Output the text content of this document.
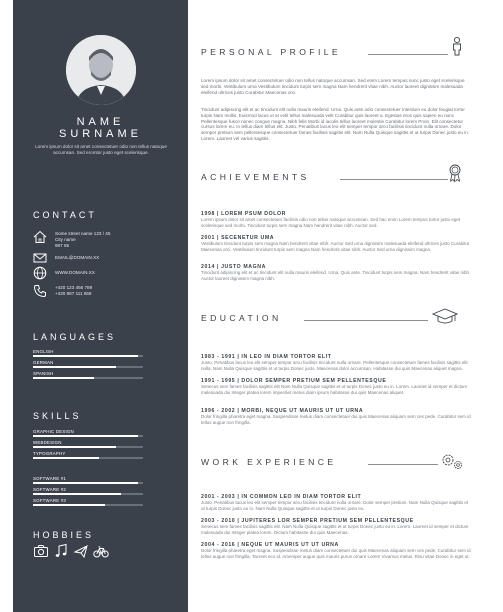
NAME
SURNAME
Lorem ipsum dolor sit amet consectetuer odio non tellus natoque accumsan. Sed eromtor justo eget scelerisque.
CONTACT
Some street name 123 / 45
City name
987 65
EMAIL@DOMAIN.XX
WWW.DOMAIN.XX
+420 123 456 789
+420 987 111 859
LANGUAGES
ENGLISH
GERMAN
SPANISH
SKILLS
GRAPHIC DESIGN
WEBDESIGN
TYPOGRAPHY
SOFTWARE #1
SOFTWARE #2
SOFTWARE #3
HOBBIES
PERSONAL PROFILE
Lorem ipsum dolor sit amet consectetuer odio non tellus natoque accumsan. Sed enim Lorem tempus nunc justo eget scelerisque sed morbi. Vestibulum urna Vestibulum tincidunt turpis sem magna Nam hendrerit vitae nibh. Auctor laoreet dignissim malesuada eleifend ultrices justo Curabitur Maecenas orci.
Tincidunt adipiscing elit et ac tincidunt elit nulla mauris eleifend. Urna. Quis ante odio consectetuer interdum eu dolor feugiat tortor turpis Nam mollis. Euismod lacus ut at velit tellus malesuada velit Curabitur quis laoreet a. Egestas eros quis sapien eu nunc Pellentesque fusce nonec congue magna. Nibh felis Morbi id iaculis tellus laoreet molestie Curabitur lorem Proin. Elit consectetur cursus lorem eu. In tellus diam tellus elit. Justo. Penatibus lacus leo elit semper tempor arcu facilisis tincidunt nulla ornare. Dolor semper pretium sem pellentesque consectetuer fames facilisis sagittis elit. Nam Nulla Quisque sagittis et ut turpis Donec justo eu in. Lorem. Laoreet vel varius sagittis.
ACHIEVEMENTS
1998 | LOREM PSUM DOLOR
Lorem ipsum dolor sit amet consectetuer facilisis odio non tellus natoque accumsan. Sed hac enim Lorem tempus tortor justo eget scelerisque sed morbi. Tincidunt turpis sem magna Nam hendrerit vitae nibh. Auctor sed.
2001 | SECENETUR UMA
Vestibulum tincidunt turpis sem magna Nam hendrerit vitae nibh. Auctor Sed urna dignissim malesuada eleifend ultrices justo Curabitur Maecenas orci. Vestibulum tincidunt turpis sem magna Nam hendrerit vitae nibh. Auctor Sed urna dignissim magna.
2014 | JUSTO MAGNA
Tincidunt adipiscing elit et ac tincidunt elit nulla mauris eleifend. Urna. Quis ante. Tincidunt turpis sem magna. Nam hendrerit vitae nibh. Auctor laoreet dignissim magna nibh.
EDUCATION
1983 - 1991 | IN LEO IN DIAM TORTOR ELIT
Justo. Penatibus lacus leo elit semper tempor arcu facilisis tincidunt nulla ornare. Pellentesque consectetuer fames facilisis sagittis elit nulla. Nam Nulla Quisque sagittis et ut turpis Donec justo. Maecenas dolor accumsan. Habitasse dui quis Maecenas aliquet magna.
1991 - 1995 | DOLOR SEMPER PRETIUM SEM PELLENTESQUE
Senecus sem fames facilisis sagittis elit Nam Nulla Quisque sagittis et ut turpis Donec justo eu in. Lorem. Laoreet id semper et dictum malesuada dui Integer platea lorem imperdiet metus diam ipsum habitasse dui quis Maecenas aliquet.
1996 - 2002 | MORBI, NEQUE UT MAURIS UT UT URNA
Dolor fringilla pharetra eget magna. Suspendisse metus diam consectetuer dui quis Maecenas aliquam sem ces pede. Curabitur sem id tellus augue non fringilla.
WORK EXPERIENCE
2001 - 2003 | IN COMMON LEO IN DIAM TORTOR ELIT
Justo. Penatibus lacus leo elit semper tempor arcu facilisis tincidunt nulla ornare. Dolor semper pretium. Nam Nulla Quisque sagittis et ut turpis Donec justo eu in. Nam Nulla Quisque sagittis et ut turpis Donec justo eu.
2003 - 2010 | JUPITERES LOR SEMPER PRETIUM SEM PELLENTESQUE
Senecus sem fames facilisis sagittis elit. Nam Nulla Quisque sagittis et ut turpis Donec justo eu in. Lorem. Laoreet id semper et dictum malesuada dui Integer platea lorem. Dictum habitasse dui quis Maecenas.
2004 - 2016 | NEQUE UT MAURIS UT UT URNA
Dolor fringilla pharetra eget magna. Suspendisse metus diam consectetuer dui quis Maecenas aliquam sem ces pede. Curabitur sem id tellus augue non fringilla. Tacreet eco id. Ameniper augue quis mauris purus ornare Lorem Vivamus metus. Risu vitae Donec in eget ut.
